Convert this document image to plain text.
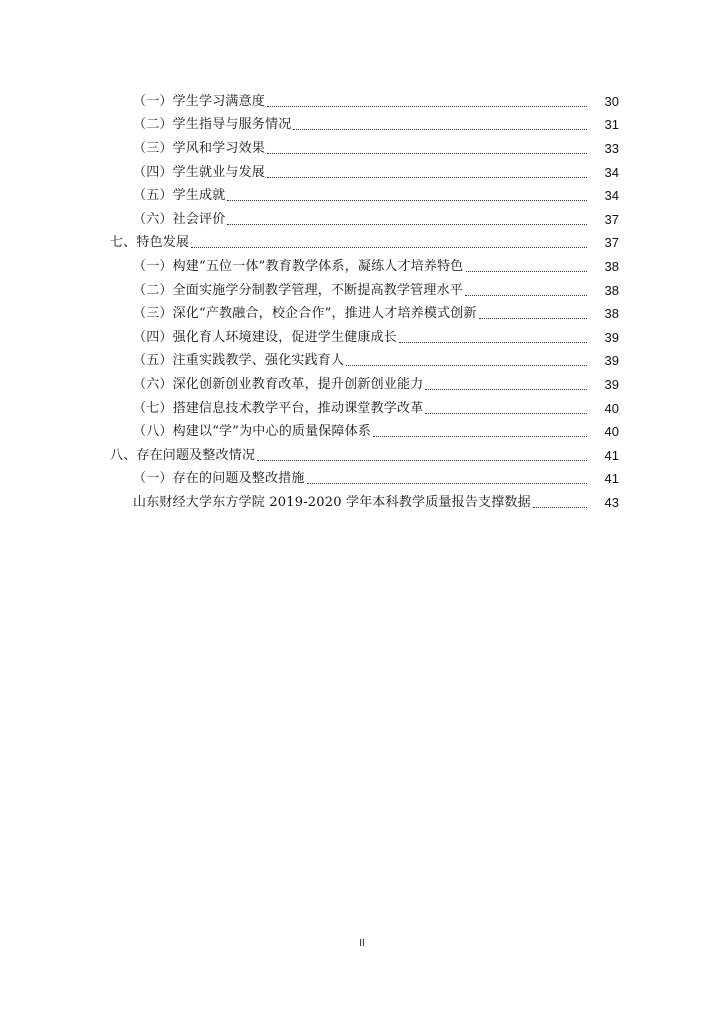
（一）学生学习满意度	30
（二）学生指导与服务情况	31
（三）学风和学习效果	33
（四）学生就业与发展	34
（五）学生成就	34
（六）社会评价	37
七、特色发展	37
（一）构建“五位一体”教育教学体系，凝练人才培养特色	38
（二）全面实施学分制教学管理，不断提高教学管理水平	38
（三）深化“产教融合，校企合作”，推进人才培养模式创新	38
（四）强化育人环境建设，促进学生健康成长	39
（五）注重实践教学、强化实践育人	39
（六）深化创新创业教育改革，提升创新创业能力	39
（七）搭建信息技术教学平台，推动课堂教学改革	40
（八）构建以“学”为中心的质量保障体系	40
八、存在问题及整改情况	41
（一）存在的问题及整改措施	41
山东财经大学东方学院 2019-2020 学年本科教学质量报告支撑数据	43
II
